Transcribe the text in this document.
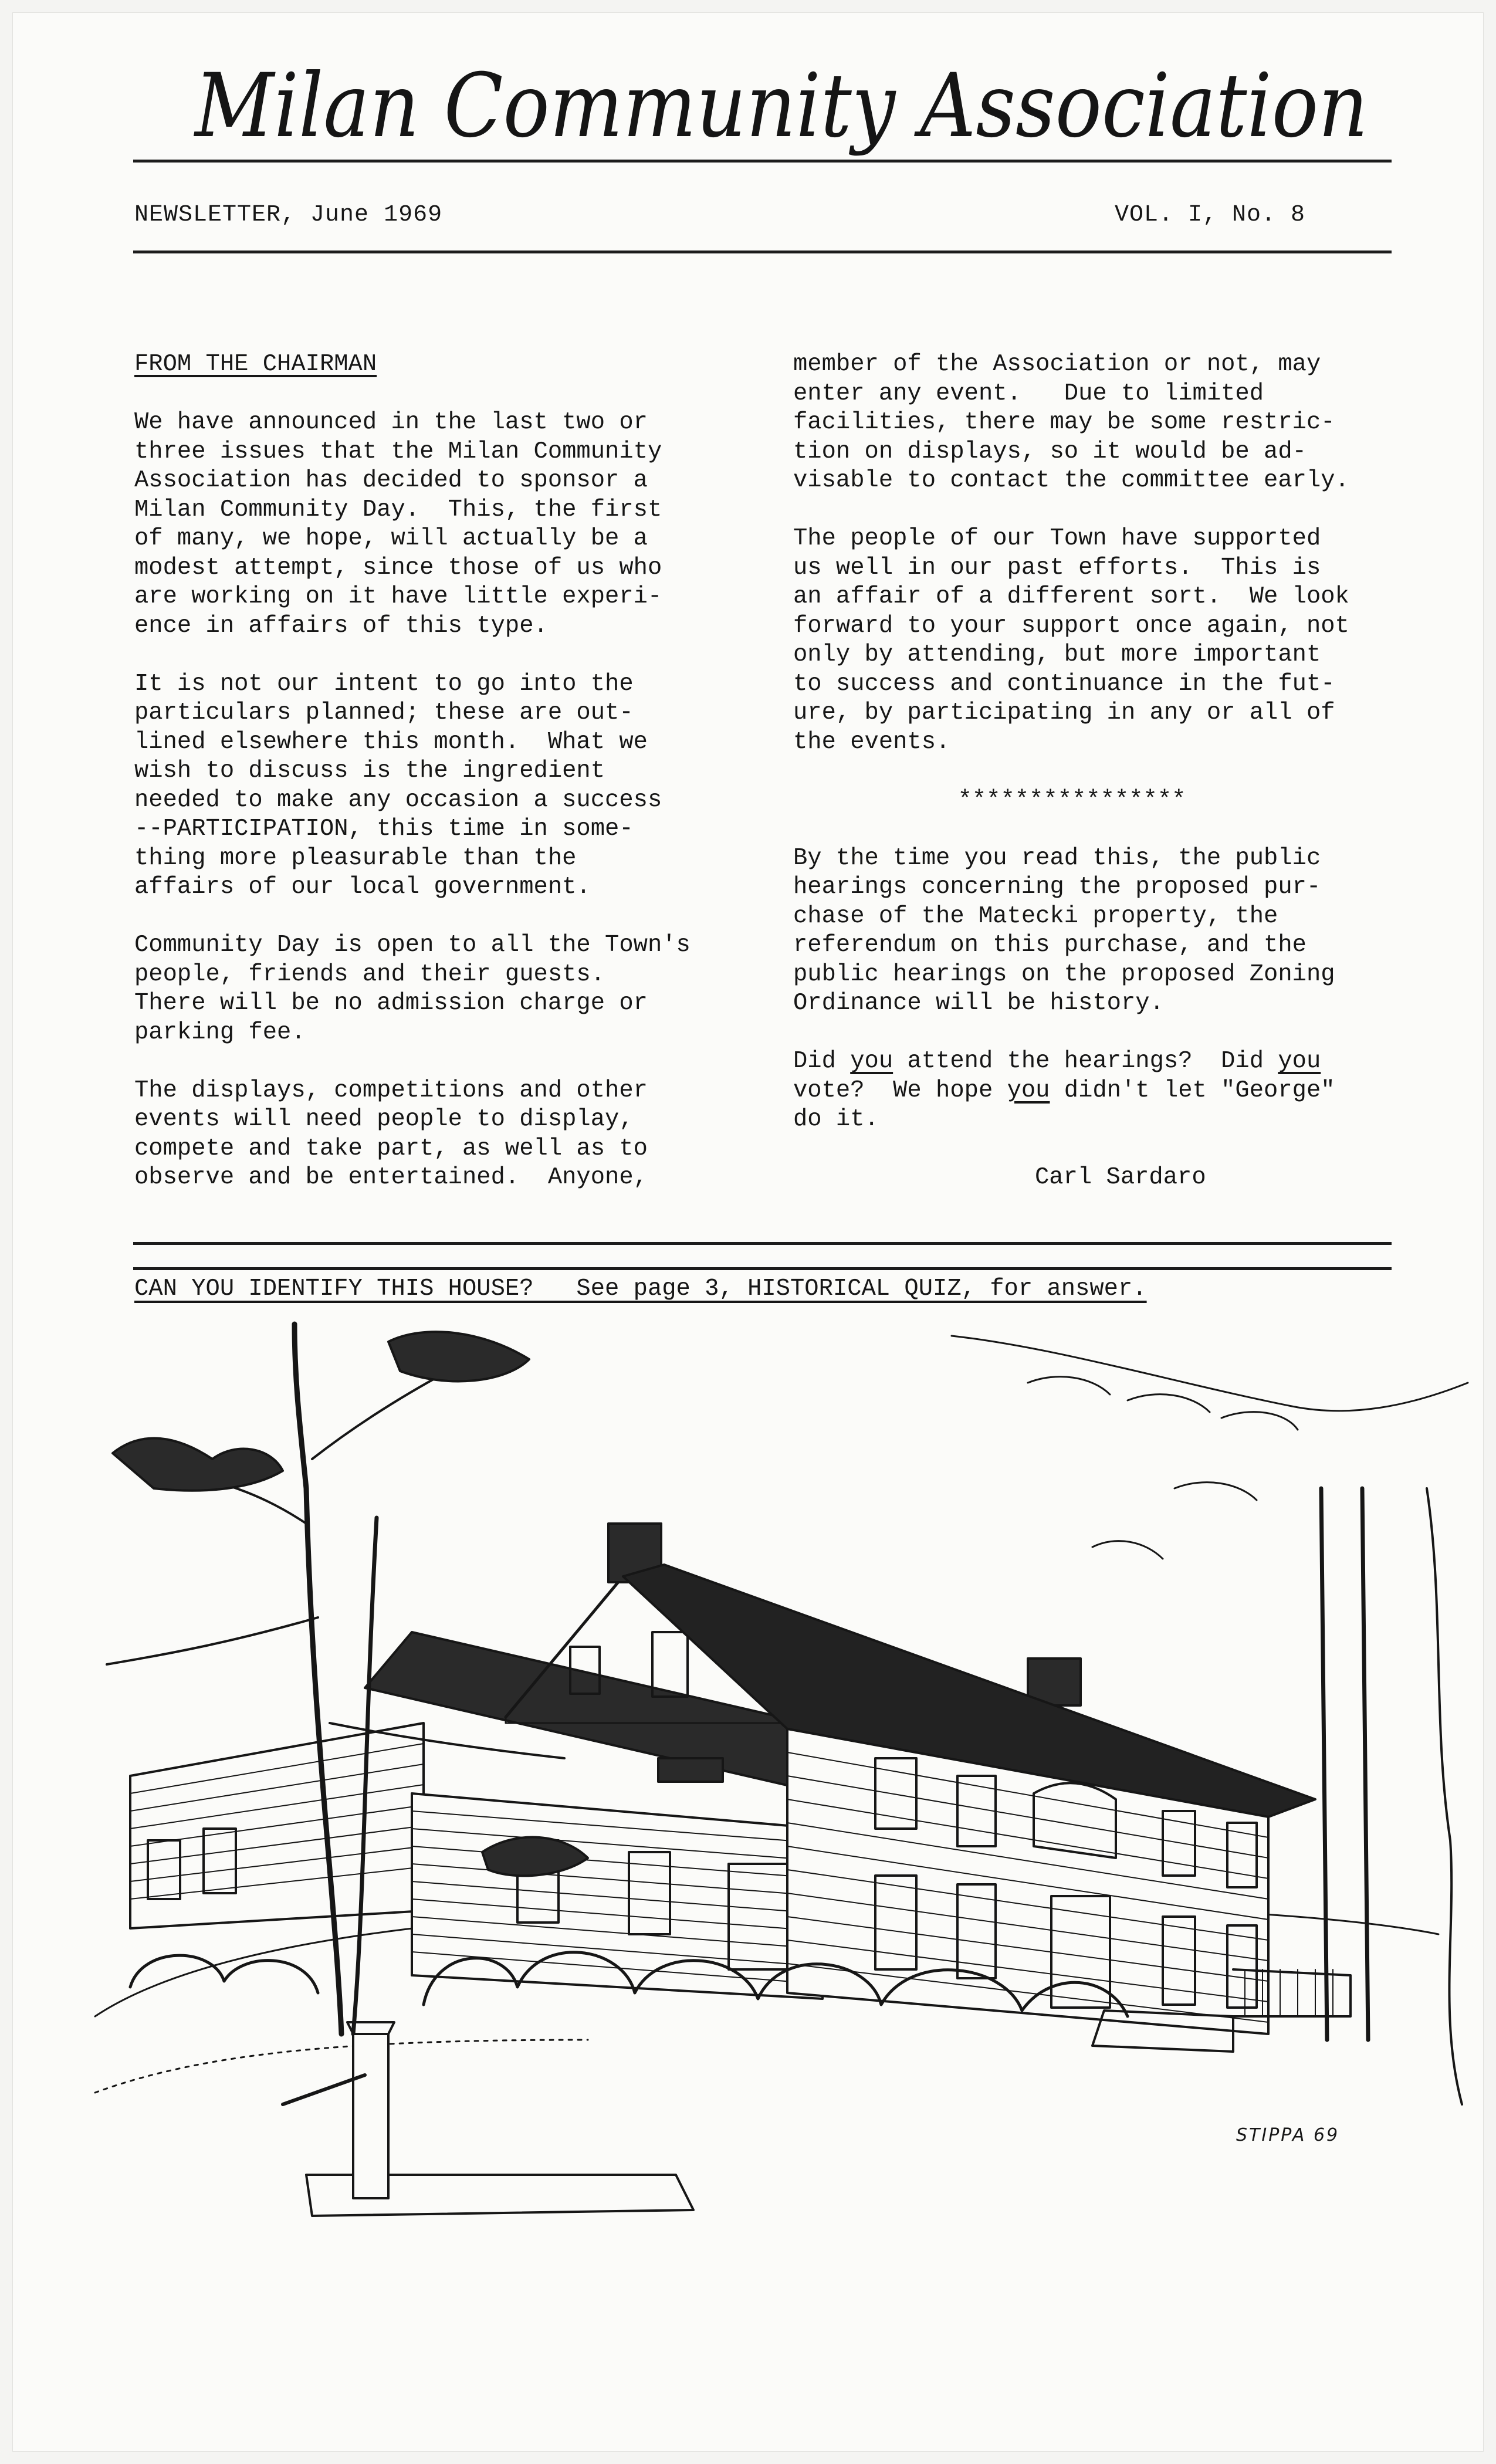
Milan Community Association
NEWSLETTER, June 1969	VOL. I, No. 8
FROM THE CHAIRMAN

We have announced in the last two or
three issues that the Milan Community
Association has decided to sponsor a
Milan Community Day.  This, the first
of many, we hope, will actually be a
modest attempt, since those of us who
are working on it have little experi-
ence in affairs of this type.

It is not our intent to go into the
particulars planned; these are out-
lined elsewhere this month.  What we
wish to discuss is the ingredient
needed to make any occasion a success
--PARTICIPATION, this time in some-
thing more pleasurable than the
affairs of our local government.

Community Day is open to all the Town's
people, friends and their guests.
There will be no admission charge or
parking fee.

The displays, competitions and other
events will need people to display,
compete and take part, as well as to
observe and be entertained.  Anyone,

member of the Association or not, may
enter any event.   Due to limited
facilities, there may be some restric-
tion on displays, so it would be ad-
visable to contact the committee early.

The people of our Town have supported
us well in our past efforts.  This is
an affair of a different sort.  We look
forward to your support once again, not
only by attending, but more important
to success and continuance in the fut-
ure, by participating in any or all of
the events.

****************

By the time you read this, the public
hearings concerning the proposed pur-
chase of the Matecki property, the
referendum on this purchase, and the
public hearings on the proposed Zoning
Ordinance will be history.

Did you attend the hearings?  Did you
vote?  We hope you didn't let "George"
do it.

Carl Sardaro
CAN YOU IDENTIFY THIS HOUSE?   See page 3, HISTORICAL QUIZ, for answer.
STIPPA 69
